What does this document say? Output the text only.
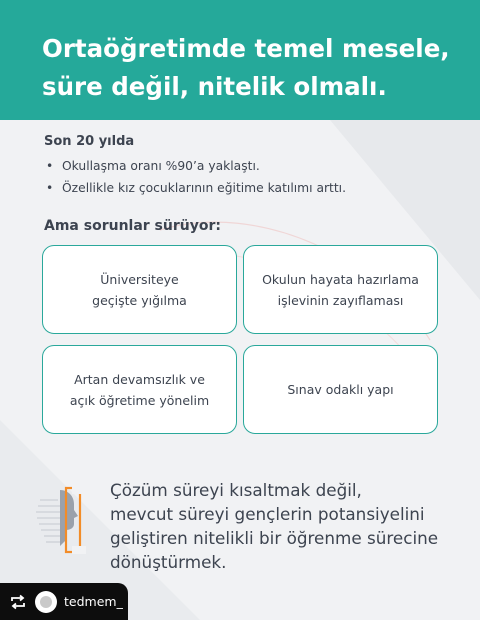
Ortaöğretimde temel mesele,
süre değil, nitelik olmalı.
Son 20 yılda
• Okullaşma oranı %90’a yaklaştı.
• Özellikle kız çocuklarının eğitime katılımı arttı.
Ama sorunlar sürüyor:
Üniversiteye
geçişte yığılma
Okulun hayata hazırlama
işlevinin zayıflaması
Artan devamsızlık ve
açık öğretime yönelim
Sınav odaklı yapı

Çözüm süreyi kısaltmak değil,
mevcut süreyi gençlerin potansiyelini
geliştiren nitelikli bir öğrenme sürecine
dönüştürmek.

tedmem_
